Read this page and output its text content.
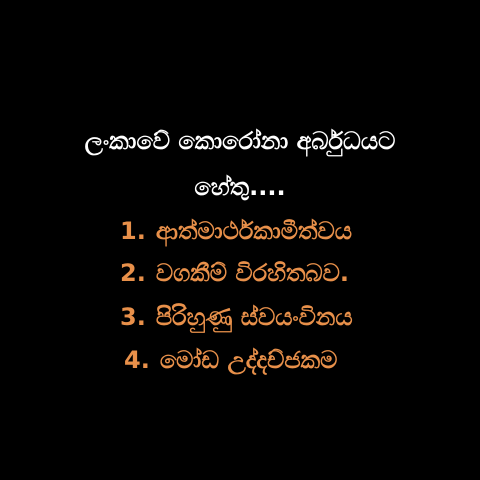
ලංකාවේ කොරෝනා අර්බුධයට
හේතු....
1. ආත්මාර්ථකාමීත්වය
2. වගකීම් විරහිතබව.
3. පිරිහුණු ස්වයංවිනය
4. මෝඩ උද්දච්ජකම
